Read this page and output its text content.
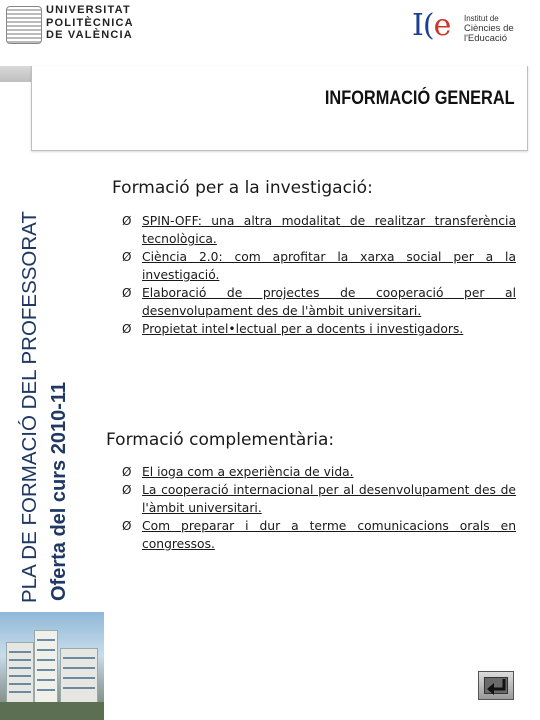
UNIVERSITAT
POLITÈCNICA
DE VALÈNCIA	I(e Institut de
Ciències de
l'Educació
INFORMACIÓ GENERAL
PLA DE FORMACIÓ DEL PROFESSORAT Oferta del curs 2010-11
Formació per a la investigació:
Ø SPIN-OFF: una altra modalitat de realitzar transferència tecnològica.
Ø Ciència 2.0: com aprofitar la xarxa social per a la investigació.
Ø Elaboració de projectes de cooperació per al desenvolupament des de l'àmbit universitari.
Ø Propietat intel•lectual per a docents i investigadors.
Formació complementària:
Ø El ioga com a experiència de vida.
Ø La cooperació internacional per al desenvolupament des de l'àmbit universitari.
Ø Com preparar i dur a terme comunicacions orals en congressos.
